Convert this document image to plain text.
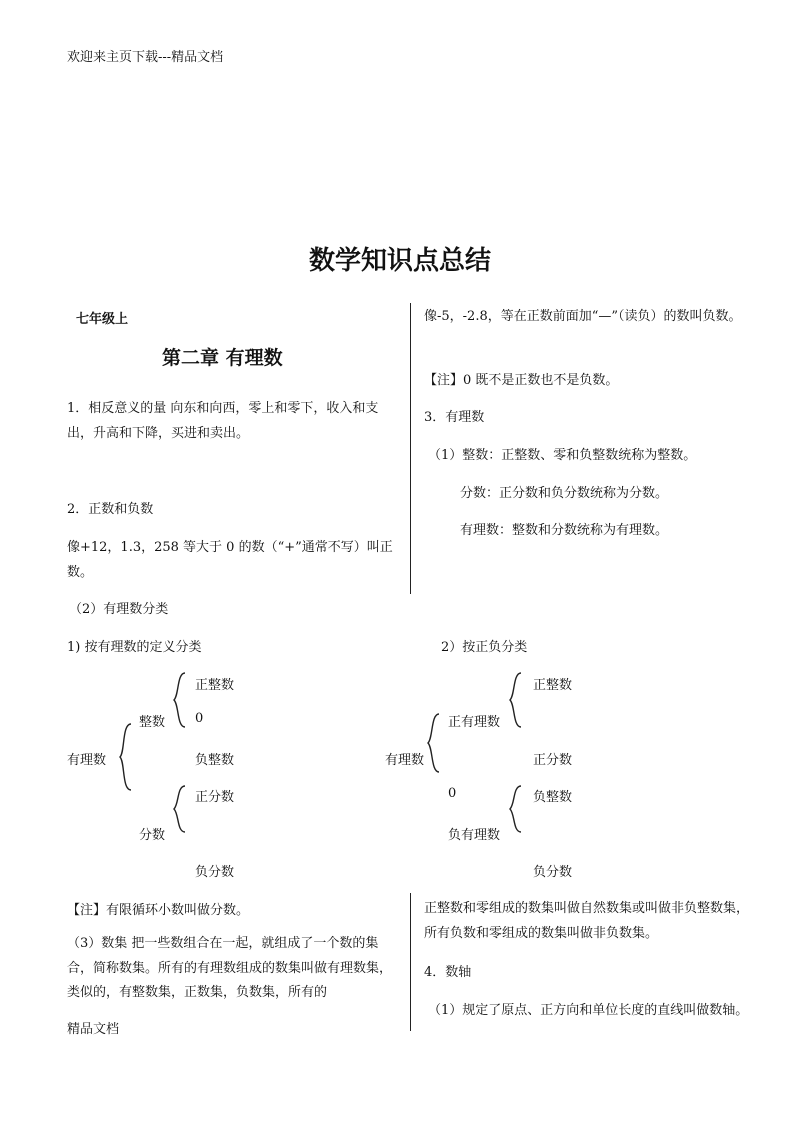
欢迎来主页下载---精品文档
数学知识点总结
七年级上
第二章 有理数
1．相反意义的量 向东和向西，零上和零下，收入和支出，升高和下降，买进和卖出。
2．正数和负数
像+12，1.3，258 等大于 0 的数（“+”通常不写）叫正数。
像-5，-2.8，等在正数前面加“—”（读负）的数叫负数。
【注】0 既不是正数也不是负数。
3．有理数
（1）整数：正整数、零和负整数统称为整数。
分数：正分数和负分数统称为分数。
有理数：整数和分数统称为有理数。
（2）有理数分类
1) 按有理数的定义分类	2）按正负分类
有理数
整数
正整数
0
负整数
分数
正分数
负分数
有理数
正有理数
正整数
正分数
0
负有理数
负整数
负分数
【注】有限循环小数叫做分数。
（3）数集 把一些数组合在一起，就组成了一个数的集合，简称数集。所有的有理数组成的数集叫做有理数集，类似的，有整数集，正数集，负数集，所有的
正整数和零组成的数集叫做自然数集或叫做非负整数集，所有负数和零组成的数集叫做非负数集。
4．数轴
（1）规定了原点、正方向和单位长度的直线叫做数轴。
精品文档
